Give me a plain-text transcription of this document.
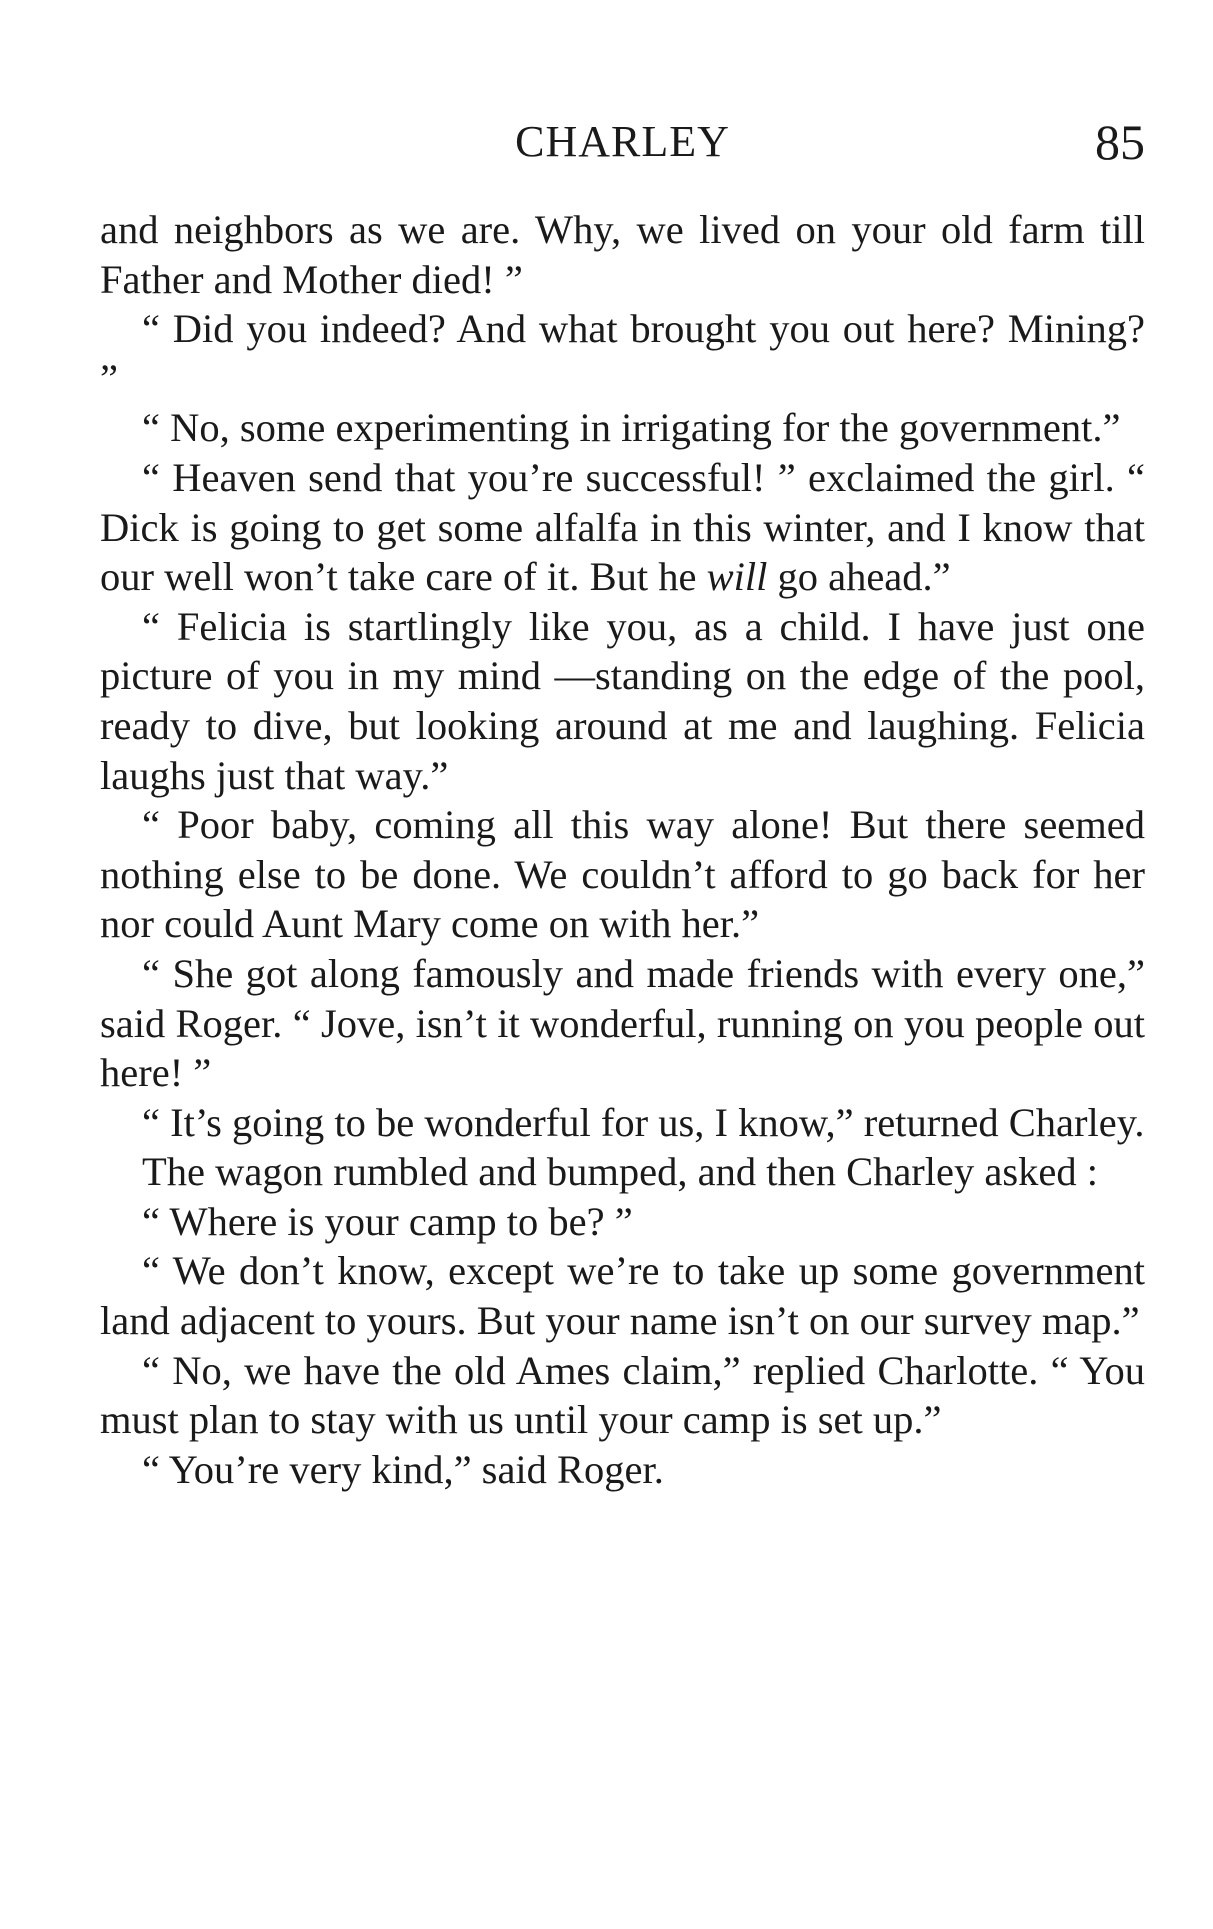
CHARLEY	85

and neighbors as we are. Why, we lived on your old farm till Father and Mother died! ”

“ Did you indeed? And what brought you out here? Mining? ”

“ No, some experimenting in irrigating for the government.”

“ Heaven send that you’re successful! ” exclaimed the girl. “ Dick is going to get some alfalfa in this winter, and I know that our well won’t take care of it. But he will go ahead.”

“ Felicia is startlingly like you, as a child. I have just one picture of you in my mind —standing on the edge of the pool, ready to dive, but looking around at me and laughing. Felicia laughs just that way.”

“ Poor baby, coming all this way alone! But there seemed nothing else to be done. We couldn’t afford to go back for her nor could Aunt Mary come on with her.”

“ She got along famously and made friends with every one,” said Roger. “ Jove, isn’t it wonderful, running on you people out here! ”

“ It’s going to be wonderful for us, I know,” returned Charley.

The wagon rumbled and bumped, and then Charley asked :

“ Where is your camp to be? ”

“ We don’t know, except we’re to take up some government land adjacent to yours. But your name isn’t on our survey map.”

“ No, we have the old Ames claim,” replied Charlotte. “ You must plan to stay with us until your camp is set up.”

“ You’re very kind,” said Roger.
